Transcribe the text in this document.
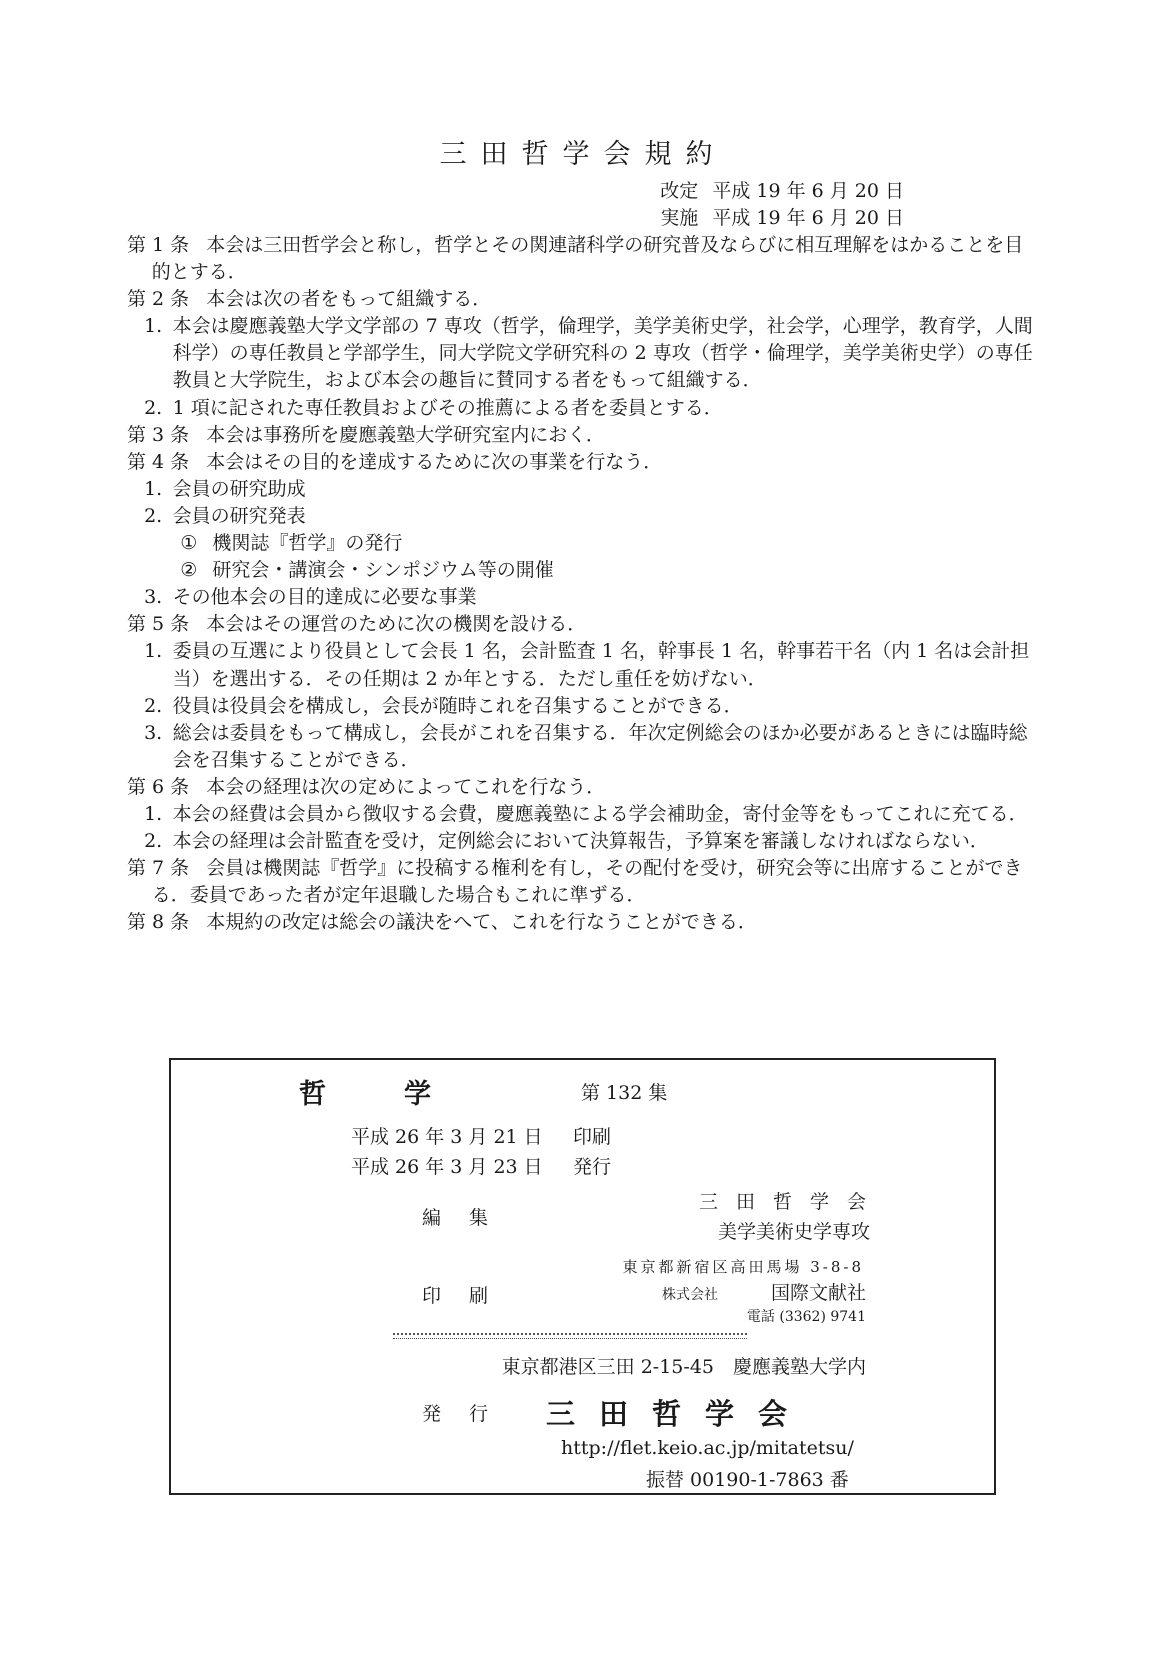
三田哲学会規約
改定 平成 19 年 6 月 20 日
実施 平成 19 年 6 月 20 日

第 1 条 本会は三田哲学会と称し，哲学とその関連諸科学の研究普及ならびに相互理解をはかることを目的とする．

第 2 条 本会は次の者をもって組織する．

1. 本会は慶應義塾大学文学部の 7 専攻（哲学，倫理学，美学美術史学，社会学，心理学，教育学，人間科学）の専任教員と学部学生，同大学院文学研究科の 2 専攻（哲学・倫理学，美学美術史学）の専任教員と大学院生，および本会の趣旨に賛同する者をもって組織する．

2. 1 項に記された専任教員およびその推薦による者を委員とする．

第 3 条 本会は事務所を慶應義塾大学研究室内におく．

第 4 条 本会はその目的を達成するために次の事業を行なう．

1. 会員の研究助成

2. 会員の研究発表

① 機関誌『哲学』の発行

② 研究会・講演会・シンポジウム等の開催

3. その他本会の目的達成に必要な事業

第 5 条 本会はその運営のために次の機関を設ける．

1. 委員の互選により役員として会長 1 名，会計監査 1 名，幹事長 1 名，幹事若干名（内 1 名は会計担当）を選出する．その任期は 2 か年とする．ただし重任を妨げない．

2. 役員は役員会を構成し，会長が随時これを召集することができる．

3. 総会は委員をもって構成し，会長がこれを召集する．年次定例総会のほか必要があるときには臨時総会を召集することができる．

第 6 条 本会の経理は次の定めによってこれを行なう．

1. 本会の経費は会員から徴収する会費，慶應義塾による学会補助金，寄付金等をもってこれに充てる．

2. 本会の経理は会計監査を受け，定例総会において決算報告，予算案を審議しなければならない．

第 7 条 会員は機関誌『哲学』に投稿する権利を有し，その配付を受け，研究会等に出席することができる．委員であった者が定年退職した場合もこれに準ずる．

第 8 条 本規約の改定は総会の議決をへて、これを行なうことができる．

哲	学	第 132 集
平成 26 年 3 月 21 日 印刷
平成 26 年 3 月 23 日 発行
編集
三田哲学会
美学美術史学専攻
東京都新宿区高田馬場 3-8-8
印刷	株式会社	国際文献社
電話 (3362) 9741
東京都港区三田 2-15-45　慶應義塾大学内
発行 三田哲学会
http://flet.keio.ac.jp/mitatetsu/
振替 00190-1-7863 番
